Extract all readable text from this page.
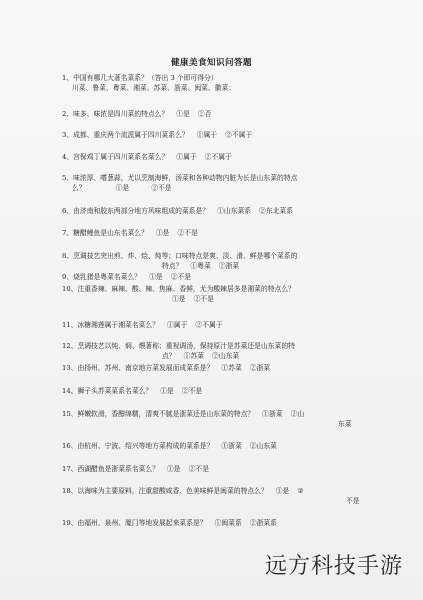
健康美食知识问答题
1、中国有哪几大著名菜系？（答出 3 个即可得分）
川菜、鲁菜、粤菜、湘菜、苏菜、浙菜、闽菜、徽菜；
2、味多、味浓是四川菜的特点么？ ①是 ②否
3、成都、重庆两个流派属于四川菜系么？ ①属于 ②不属于
4、宫保鸡丁属于四川菜系名菜么？ ①属于 ②不属于
5、味浓厚、嗜葱蒜，尤以烹制海鲜，汤菜和各种动物内脏为长是山东菜的特点
么？	①是	②不是
6、由济南和胶东两部分地方风味组成的菜系是？ ①山东菜系 ②东北菜系
7、糖醋鲤鱼是山东名菜么？ ①是 ②不是
8、烹调技艺突出煎、炸、烩、炖等；口味特点是爽、淡、滑、鲜是哪个菜系的
特点？ ①粤菜 ②浙菜
9、烧乳猪是粤菜名菜么？ ①是 ②不是
10、注重香辣、麻辣、酸、辣、焦麻、香鲜，尤为酸辣居多是湘菜的特点么？
①是 ②不是
11、冰糖湘莲属于湘菜名菜么？ ①属于 ②不属于
12、烹调技艺以炖、焖、煨著称；重视调汤，保持原汁是苏菜还是山东菜的特
点？ ①苏菜 ②山东菜
13、由扬州、苏州、南京地方菜发展而成菜系是？ ①苏菜 ②浙菜
14、狮子头苏菜菜系名菜么？ ①是 ②不是
15、鲜嫩软滑，香醇绵糯，清爽不腻是浙菜还是山东菜的特点？ ①浙菜 ②山
东菜
16、由杭州、宁波、绍兴等地方菜构成的菜系是？ ①浙菜 ②山东菜
17、西湖醋鱼是浙菜系名菜么？ ①是 ②不是
18、以海味为主要原料，注重甜酸咸香、色美味鲜是闽菜的特点么？ ①是 ②
不是
19、由福州、泉州、厦门等地发展起来菜系是？ ①闽菜系 ②浙菜系
远方科技手游
